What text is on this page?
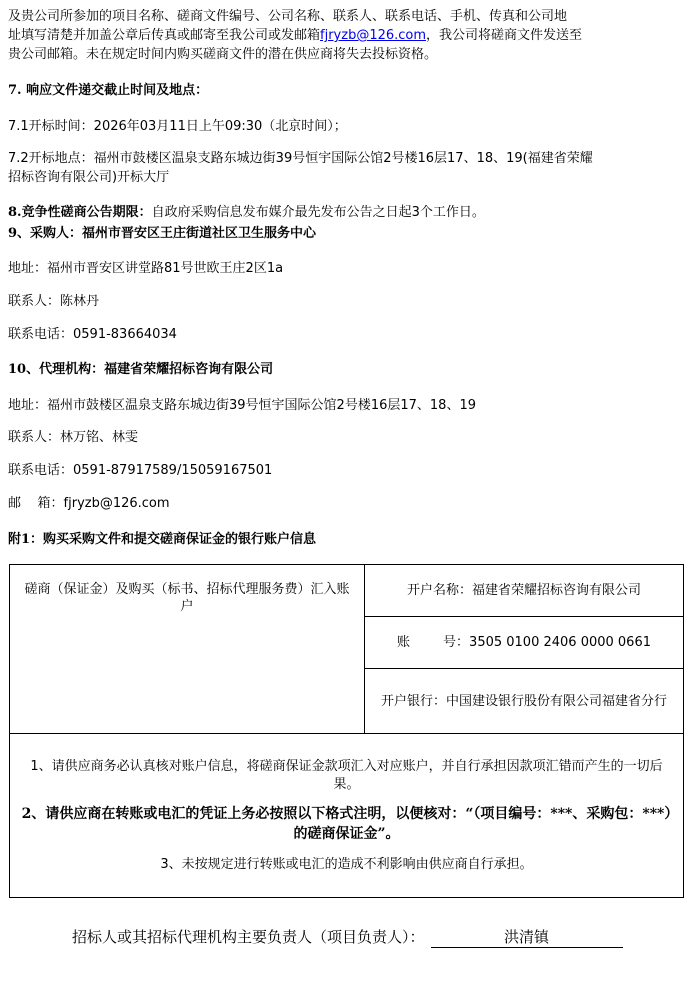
及贵公司所参加的项目名称、磋商文件编号、公司名称、联系人、联系电话、手机、传真和公司地
址填写清楚并加盖公章后传真或邮寄至我公司或发邮箱fjryzb@126.com，我公司将磋商文件发送至
贵公司邮箱。未在规定时间内购买磋商文件的潜在供应商将失去投标资格。
7. 响应文件递交截止时间及地点：
7.1开标时间：2026年03月11日上午09:30（北京时间）；
7.2开标地点：福州市鼓楼区温泉支路东城边街39号恒宇国际公馆2号楼16层17、18、19(福建省荣耀
招标咨询有限公司)开标大厅
8.竞争性磋商公告期限：自政府采购信息发布媒介最先发布公告之日起3个工作日。
9、采购人：福州市晋安区王庄街道社区卫生服务中心
地址：福州市晋安区讲堂路81号世欧王庄2区1a
联系人：陈林丹
联系电话：0591-83664034
10、代理机构：福建省荣耀招标咨询有限公司
地址：福州市鼓楼区温泉支路东城边街39号恒宇国际公馆2号楼16层17、18、19
联系人：林万铭、林雯
联系电话：0591-87917589/15059167501
邮    箱：fjryzb@126.com
附1：购买采购文件和提交磋商保证金的银行账户信息
磋商（保证金）及购买（标书、招标代理服务费）汇入账户	开户名称：福建省荣耀招标咨询有限公司
账        号：3505 0100 2406 0000 0661
开户银行：中国建设银行股份有限公司福建省分行

1、请供应商务必认真核对账户信息，将磋商保证金款项汇入对应账户，并自行承担因款项汇错而产生的一切后果。

2、请供应商在转账或电汇的凭证上务必按照以下格式注明，以便核对：“（项目编号：***、采购包：***）的磋商保证金”。

3、未按规定进行转账或电汇的造成不利影响由供应商自行承担。

招标人或其招标代理机构主要负责人（项目负责人）：	洪清镇
